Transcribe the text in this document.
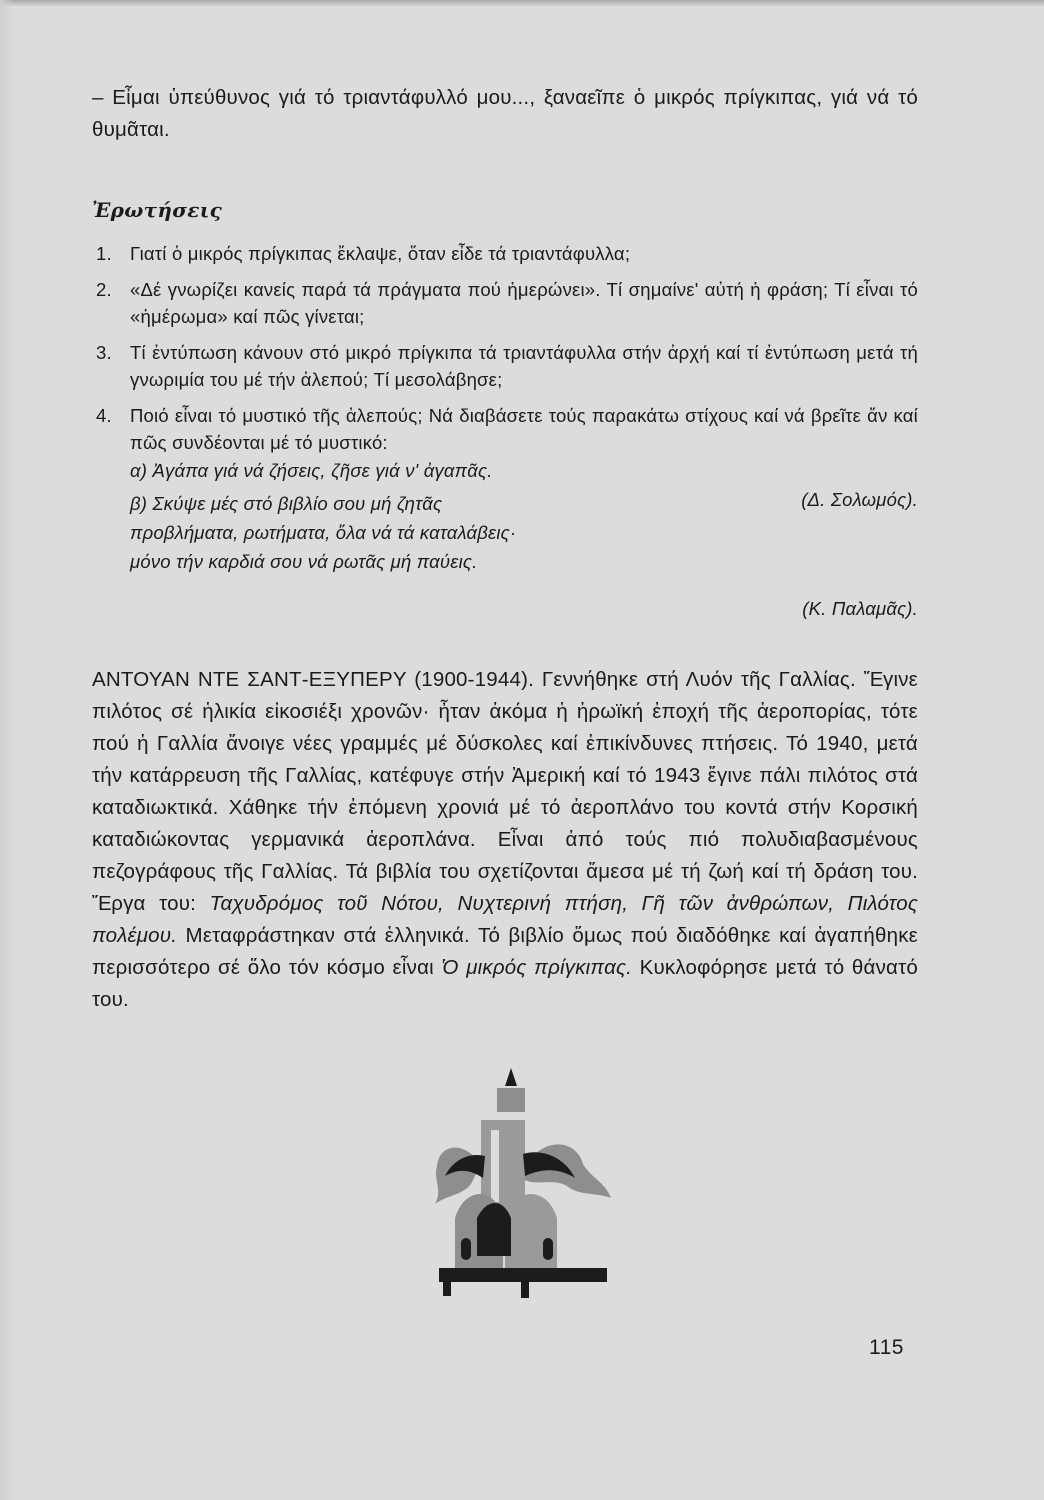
– Εἶμαι ὑπεύθυνος γιά τό τριαντάφυλλό μου..., ξαναεῖπε ὁ μικρός πρίγκιπας, γιά νά τό θυμᾶται.

Ἐρωτήσεις
1. Γιατί ὁ μικρός πρίγκιπας ἔκλαψε, ὅταν εἶδε τά τριαντάφυλλα;
2. «Δέ γνωρίζει κανείς παρά τά πράγματα πού ἡμερώνει». Τί σημαίνε' αὐτή ἡ φράση; Τί εἶναι τό «ἡμέρωμα» καί πῶς γίνεται;
3. Τί ἐντύπωση κάνουν στό μικρό πρίγκιπα τά τριαντάφυλλα στήν ἀρχή καί τί ἐντύπωση μετά τή γνωριμία του μέ τήν ἀλεπού; Τί μεσολάβησε;
4. Ποιό εἶναι τό μυστικό τῆς ἀλεπούς; Νά διαβάσετε τούς παρακάτω στίχους καί νά βρεῖτε ἄν καί πῶς συνδέονται μέ τό μυστικό:
α) Ἀγάπα γιά νά ζήσεις, ζῆσε γιά ν' ἀγαπᾶς.
(Δ. Σολωμός).
β) Σκύψε μές στό βιβλίο σου μή ζητᾶς
προβλήματα, ρωτήματα, ὅλα νά τά καταλάβεις·
μόνο τήν καρδιά σου νά ρωτᾶς μή παύεις.
(Κ. Παλαμᾶς).

ΑΝΤΟΥΑΝ ΝΤΕ ΣΑΝΤ-ΕΞΥΠΕΡΥ (1900-1944). Γεννήθηκε στή Λυόν τῆς Γαλλίας. Ἔγινε πιλότος σέ ἡλικία εἰκοσιέξι χρονῶν· ἦταν ἀκόμα ἡ ἡρωϊκή ἐποχή τῆς ἀεροπορίας, τότε πού ἡ Γαλλία ἄνοιγε νέες γραμμές μέ δύσκολες καί ἐπικίνδυνες πτήσεις. Τό 1940, μετά τήν κατάρρευση τῆς Γαλλίας, κατέφυγε στήν Ἀμερική καί τό 1943 ἔγινε πάλι πιλότος στά καταδιωκτικά. Χάθηκε τήν ἐπόμενη χρονιά μέ τό ἀεροπλάνο του κοντά στήν Κορσική καταδιώκοντας γερμανικά ἀεροπλάνα. Εἶναι ἀπό τούς πιό πολυδιαβασμένους πεζογράφους τῆς Γαλλίας. Τά βιβλία του σχετίζονται ἄμεσα μέ τή ζωή καί τή δράση του. Ἔργα του: Ταχυδρόμος τοῦ Νότου, Νυχτερινή πτήση, Γῆ τῶν ἀνθρώπων, Πιλότος πολέμου. Μεταφράστηκαν στά ἑλληνικά. Τό βιβλίο ὅμως πού διαδόθηκε καί ἀγαπήθηκε περισσότερο σέ ὅλο τόν κόσμο εἶναι Ὁ μικρός πρίγκιπας. Κυκλοφόρησε μετά τό θάνατό του.

115
